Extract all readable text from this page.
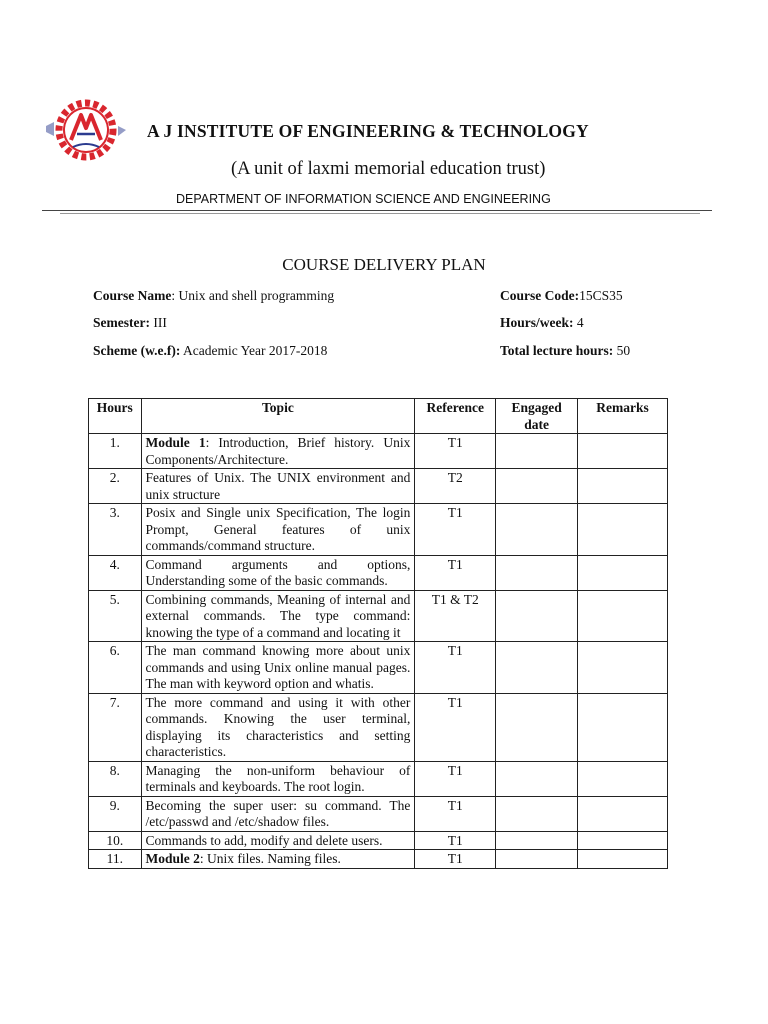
A J INSTITUTE OF ENGINEERING & TECHNOLOGY
(A unit of laxmi memorial education trust)
DEPARTMENT OF INFORMATION SCIENCE AND ENGINEERING
COURSE DELIVERY PLAN
Course Name: Unix and shell programming	Course Code:15CS35
Semester: III	Hours/week: 4
Scheme (w.e.f): Academic Year 2017-2018	Total lecture hours: 50
Hours	Topic	Reference	Engaged date	Remarks
1.	Module 1: Introduction, Brief history. Unix Components/Architecture.	T1		
2.	Features of Unix. The UNIX environment and unix structure	T2		
3.	Posix and Single unix Specification, The login Prompt, General features of unix commands/command structure.	T1		
4.	Command arguments and options, Understanding some of the basic commands.	T1		
5.	Combining commands, Meaning of internal and external commands. The type command: knowing the type of a command and locating it	T1 & T2		
6.	The man command knowing more about unix commands and using Unix online manual pages. The man with keyword option and whatis.	T1		
7.	The more command and using it with other commands. Knowing the user terminal, displaying its characteristics and setting characteristics.	T1		
8.	Managing the non-uniform behaviour of terminals and keyboards. The root login.	T1		
9.	Becoming the super user: su command. The /etc/passwd and /etc/shadow files.	T1		
10.	Commands to add, modify and delete users.	T1		
11.	Module 2: Unix files. Naming files.	T1		
